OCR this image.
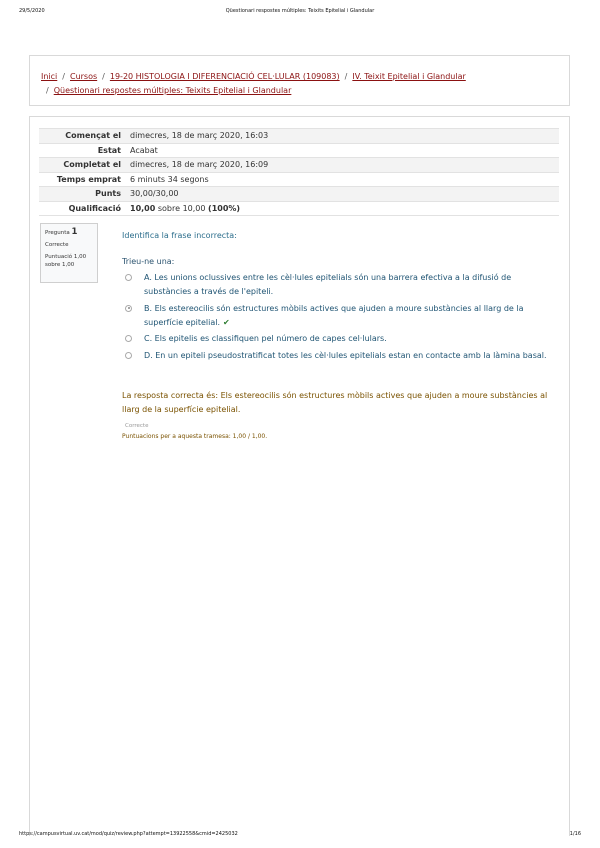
29/5/2020	Qüestionari respostes múltiples: Teixits Epitelial i Glandular
Inici / Cursos / 19-20 HISTOLOGIA I DIFERENCIACIÓ CEL·LULAR (109083) / IV. Teixit Epitelial i Glandular
/ Qüestionari respostes múltiples: Teixits Epitelial i Glandular
Començat el	dimecres, 18 de març 2020, 16:03
Estat	Acabat
Completat el	dimecres, 18 de març 2020, 16:09
Temps emprat	6 minuts 34 segons
Punts	30,00/30,00
Qualificació	10,00 sobre 10,00 (100%)
Pregunta 1
Correcte
Puntuació 1,00 sobre 1,00
Identifica la frase incorrecta:
Trieu-ne una:
A. Les unions oclussives entre les cèl·lules epitelials són una barrera efectiva a la difusió de substàncies a través de l'epiteli.
B. Els estereocilis són estructures mòbils actives que ajuden a moure substàncies al llarg de la superfície epitelial. ✔
C. Els epitelis es classifiquen pel número de capes cel·lulars.
D. En un epiteli pseudostratificat totes les cèl·lules epitelials estan en contacte amb la làmina basal.
La resposta correcta és: Els estereocilis són estructures mòbils actives que ajuden a moure substàncies al llarg de la superfície epitelial.
Correcte
Puntuacions per a aquesta tramesa: 1,00 / 1,00.
https://campusvirtual.uv.cat/mod/quiz/review.php?attempt=13922558&cmid=2425032	1/16
